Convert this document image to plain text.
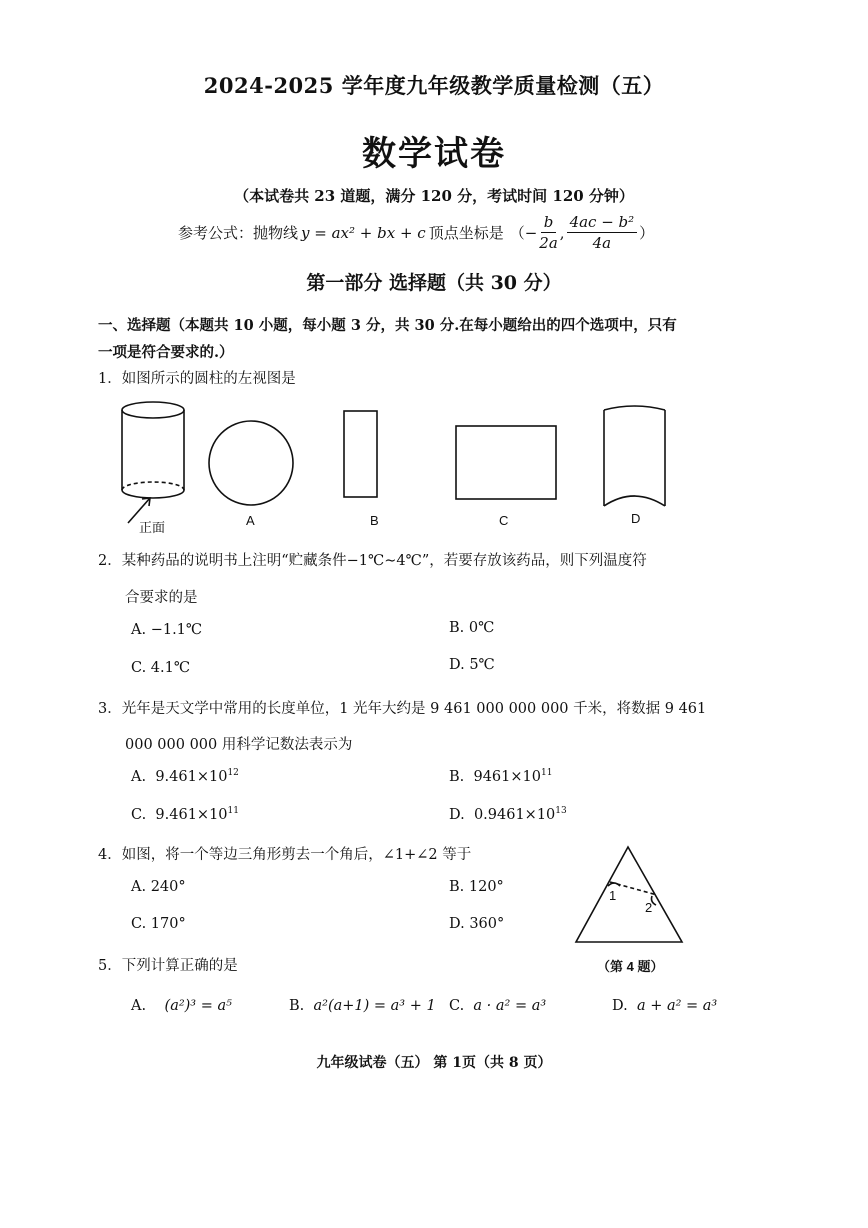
2024-2025 学年度九年级教学质量检测（五）
数学试卷
（本试卷共 23 道题，满分 120 分，考试时间 120 分钟）
参考公式：抛物线 y = ax² + bx + c 顶点坐标是 （− $\frac{b}{2a}$ , $\frac{\text{4ac − b²}}{4a}$ ）
第一部分 选择题（共 30 分）
一、选择题（本题共 10 小题，每小题 3 分，共 30 分.在每小题给出的四个选项中，只有
一项是符合要求的.）
1．如图所示的圆柱的左视图是
正面	A	B	C	D
2．某种药品的说明书上注明“贮藏条件−1℃∼4℃”，若要存放该药品，则下列温度符
合要求的是
A. −1.1℃	B. 0℃
C. 4.1℃	D. 5℃
3．光年是天文学中常用的长度单位，1 光年大约是 9 461 000 000 000 千米，将数据 9 461
000 000 000 用科学记数法表示为
A. $9.461\times 10^{12}$	B. $9461\times 10^{11}$
C. $9.461\times 10^{11}$	D. $0.9461\times 10^{13}$
4．如图，将一个等边三角形剪去一个角后，∠1+∠2 等于
A. 240°	B. 120°
C. 170°	D. 360°
1
2
（第 4 题）
5．下列计算正确的是
A. (a²)³ = a⁵	B. a²(a+1) = a³ + 1 C. a · a² = a³	D. a + a² = a³
九年级试卷（五） 第 1页（共 8 页）
